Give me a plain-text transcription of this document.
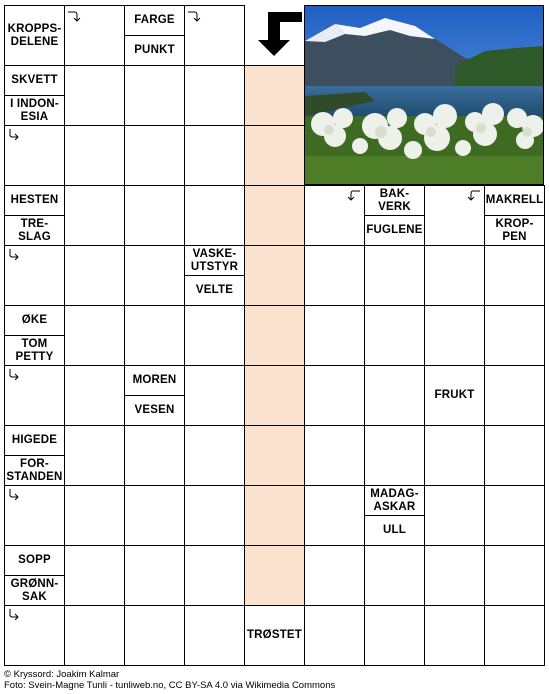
KROPPS-
DELENE
FARGE
PUNKT
SKVETT
I INDON-
ESIA
BAK-
VERK
FUGLENE
MAKRELL
KROP-
PEN
HESTEN
TRE-
SLAG
VASKE-
UTSTYR
VELTE
ØKE
TOM
PETTY
MOREN
VESEN
FRUKT
HIGEDE
FOR-
STANDEN
MADAG-
ASKAR
ULL
SOPP
GRØNN-
SAK
TRØSTET
© Kryssord: Joakim Kalmar
Foto: Svein-Magne Tunli - tunliweb.no, CC BY-SA 4.0 via Wikimedia Commons
